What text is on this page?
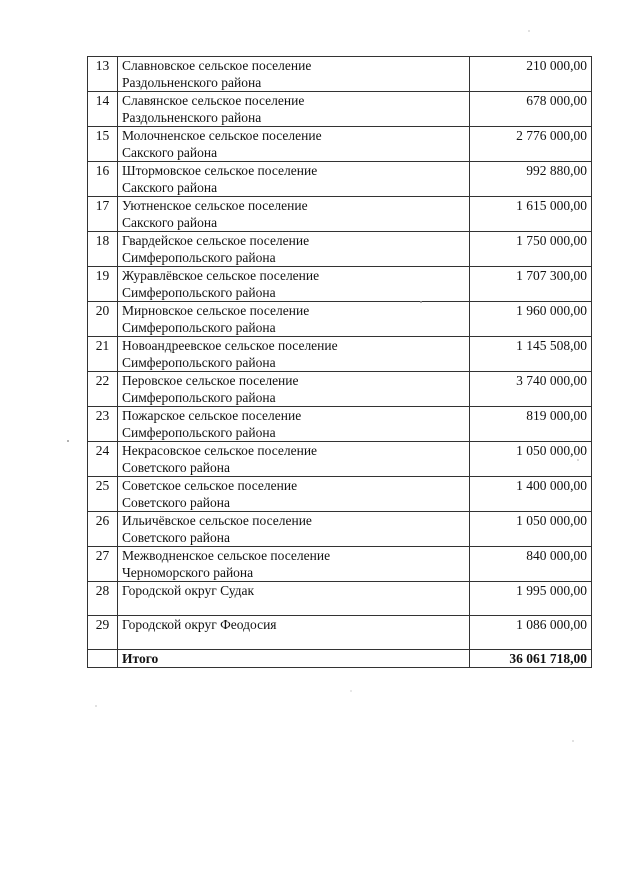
13	Славновское сельское поселение
Раздольненского района	210 000,00
14	Славянское сельское поселение
Раздольненского района	678 000,00
15	Молочненское сельское поселение
Сакского района	2 776 000,00
16	Штормовское сельское поселение
Сакского района	992 880,00
17	Уютненское сельское поселение
Сакского района	1 615 000,00
18	Гвардейское сельское поселение
Симферопольского района	1 750 000,00
19	Журавлёвское сельское поселение
Симферопольского района	1 707 300,00
20	Мирновское сельское поселение
Симферопольского района	1 960 000,00
21	Новоандреевское сельское поселение
Симферопольского района	1 145 508,00
22	Перовское сельское поселение
Симферопольского района	3 740 000,00
23	Пожарское сельское поселение
Симферопольского района	819 000,00
24	Некрасовское сельское поселение
Советского района	1 050 000,00
25	Советское сельское поселение
Советского района	1 400 000,00
26	Ильичёвское сельское поселение
Советского района	1 050 000,00
27	Межводненское сельское поселение
Черноморского района	840 000,00
28	Городской округ Судак	1 995 000,00
29	Городской округ Феодосия	1 086 000,00
	Итого	36 061 718,00
